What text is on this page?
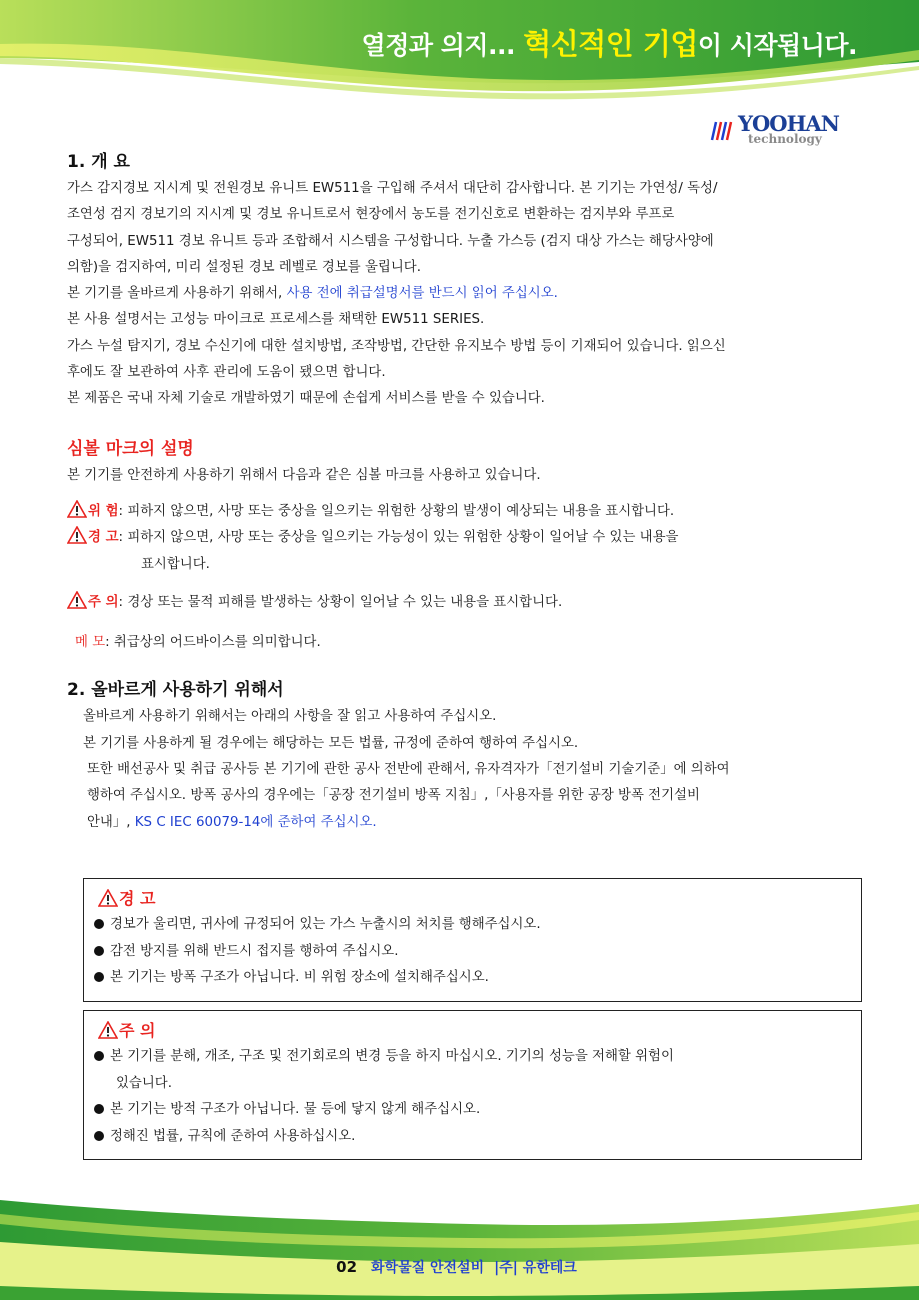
열정과 의지... 혁신적인 기업이 시작됩니다.
YOOHAN
technology

1. 개 요

가스 감지경보 지시계 및 전원경보 유니트 EW511을 구입해 주셔서 대단히 감사합니다. 본 기기는 가연성/ 독성/

조연성 검지 경보기의 지시계 및 경보 유니트로서 현장에서 농도를 전기신호로 변환하는 검지부와 루프로

구성되어, EW511 경보 유니트 등과 조합해서 시스템을 구성합니다. 누출 가스등 (검지 대상 가스는 해당사양에

의함)을 검지하여, 미리 설정된 경보 레벨로 경보를 울립니다.

본 기기를 올바르게 사용하기 위해서, 사용 전에 취급설명서를 반드시 읽어 주십시오.

본 사용 설명서는 고성능 마이크로 프로세스를 채택한 EW511 SERIES.

가스 누설 탐지기, 경보 수신기에 대한 설치방법, 조작방법, 간단한 유지보수 방법 등이 기재되어 있습니다. 읽으신

후에도 잘 보관하여 사후 관리에 도움이 됐으면 합니다.

본 제품은 국내 자체 기술로 개발하였기 때문에 손쉽게 서비스를 받을 수 있습니다.

심볼 마크의 설명

본 기기를 안전하게 사용하기 위해서 다음과 같은 심볼 마크를 사용하고 있습니다.

위 험: 피하지 않으면, 사망 또는 중상을 일으키는 위험한 상황의 발생이 예상되는 내용을 표시합니다.

경 고: 피하지 않으면, 사망 또는 중상을 일으키는 가능성이 있는 위험한 상황이 일어날 수 있는 내용을

표시합니다.

주 의: 경상 또는 물적 피해를 발생하는 상황이 일어날 수 있는 내용을 표시합니다.

메 모: 취급상의 어드바이스를 의미합니다.

2. 올바르게 사용하기 위해서

올바르게 사용하기 위해서는 아래의 사항을 잘 읽고 사용하여 주십시오.

본 기기를 사용하게 될 경우에는 해당하는 모든 법률, 규정에 준하여 행하여 주십시오.

또한 배선공사 및 취급 공사등 본 기기에 관한 공사 전반에 관해서, 유자격자가「전기설비 기술기준」에 의하여

행하여 주십시오. 방폭 공사의 경우에는「공장 전기설비 방폭 지침」,「사용자를 위한 공장 방폭 전기설비

안내」, KS C IEC 60079-14에 준하여 주십시오.

경 고
경보가 울리면, 귀사에 규정되어 있는 가스 누출시의 처치를 행해주십시오.
감전 방지를 위해 반드시 접지를 행하여 주십시오.
본 기기는 방폭 구조가 아닙니다. 비 위험 장소에 설치해주십시오.
주 의
본 기기를 분해, 개조, 구조 및 전기회로의 변경 등을 하지 마십시오. 기기의 성능을 저해할 위험이
있습니다.
본 기기는 방적 구조가 아닙니다. 물 등에 닿지 않게 해주십시오.
정해진 법률, 규칙에 준하여 사용하십시오.
02 화학물질 안전설비 |주| 유한테크
